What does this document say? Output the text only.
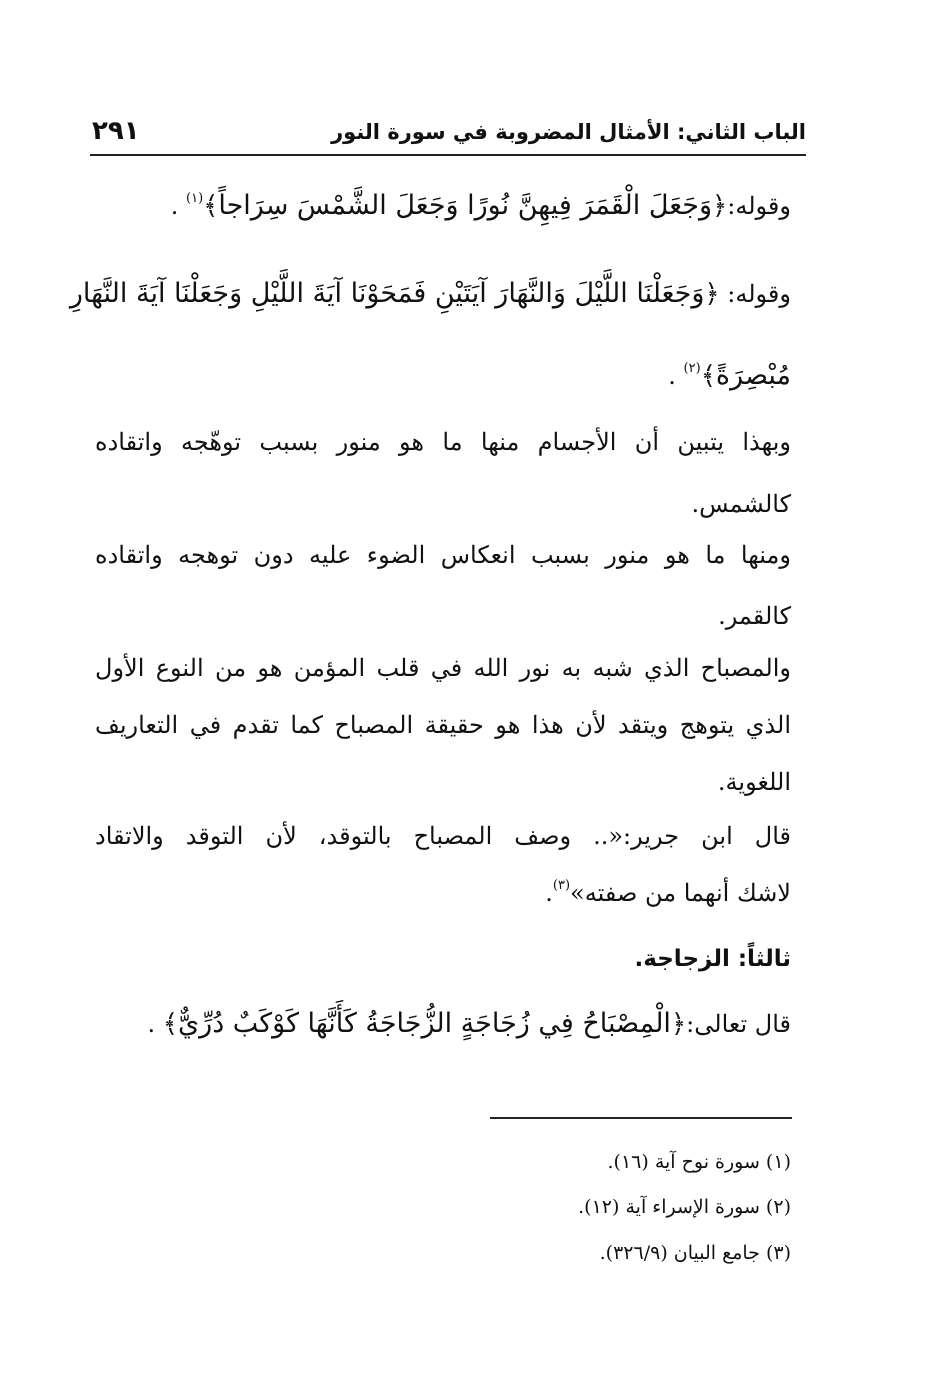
الباب الثاني: الأمثال المضروبة في سورة النور
٢٩١
وقوله:﴿وَجَعَلَ الْقَمَرَ فِيهِنَّ نُورًا وَجَعَلَ الشَّمْسَ سِرَاجاً﴾$^{(١)}$ .
وقوله: ﴿وَجَعَلْنَا اللَّيْلَ وَالنَّهَارَ آيَتَيْنِ فَمَحَوْنَا آيَةَ اللَّيْلِ وَجَعَلْنَا آيَةَ النَّهَارِ
مُبْصِرَةً﴾$^{(٢)}$ .
وبهذا يتبين أن الأجسام منها ما هو منور بسبب توهّجه واتقاده
كالشمس.
ومنها ما هو منور بسبب انعكاس الضوء عليه دون توهجه واتقاده
كالقمر.
والمصباح الذي شبه به نور الله في قلب المؤمن هو من النوع الأول
الذي يتوهج ويتقد لأن هذا هو حقيقة المصباح كما تقدم في التعاريف
اللغوية.
قال ابن جرير:«.. وصف المصباح بالتوقد، لأن التوقد والاتقاد
لاشك أنهما من صفته»$^{(٣)}$.
ثالثاً: الزجاجة.
قال تعالى:﴿الْمِصْبَاحُ فِي زُجَاجَةٍ الزُّجَاجَةُ كَأَنَّهَا كَوْكَبٌ دُرِّيٌّ﴾ .
(١) سورة نوح آية (١٦).
(٢) سورة الإسراء آية (١٢).
(٣) جامع البيان (٣٢٦/٩).
